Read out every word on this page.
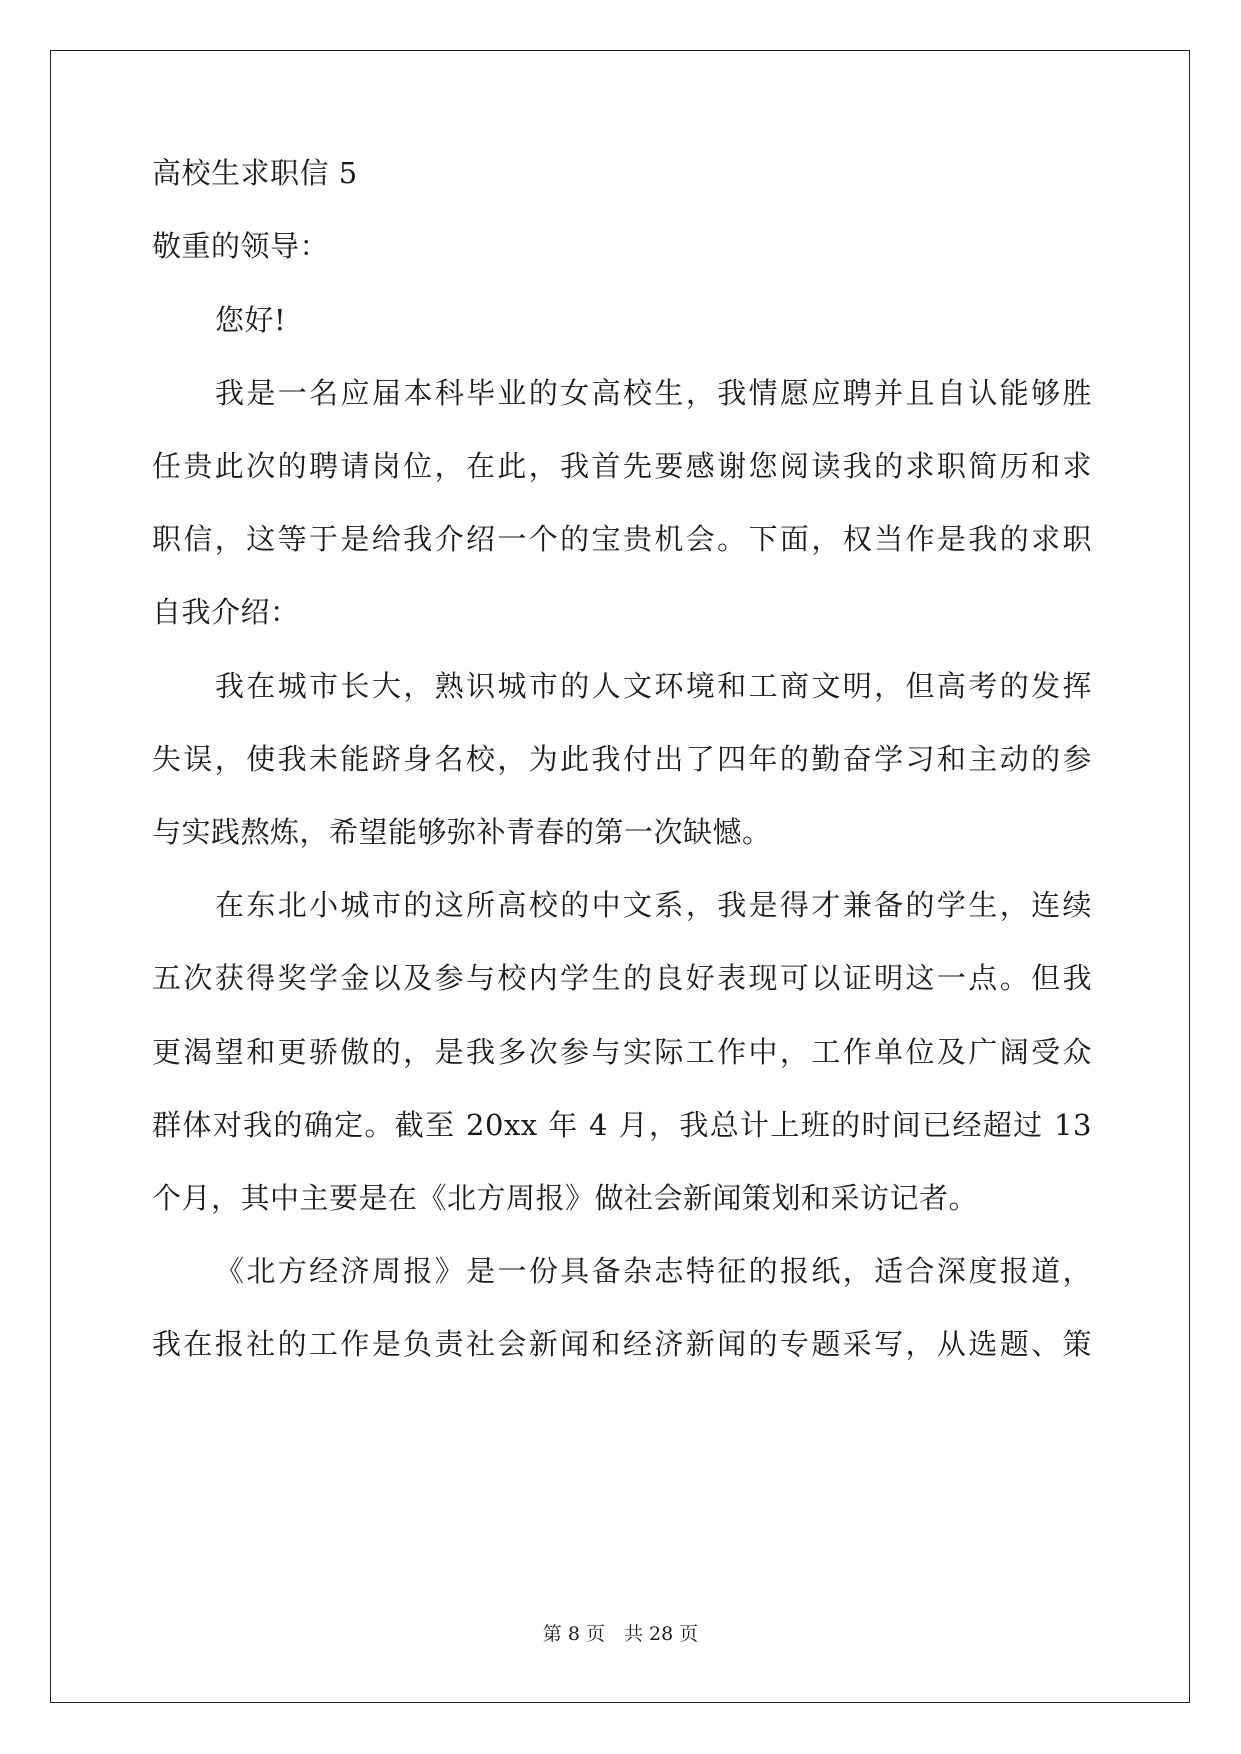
高校生求职信 5
敬重的领导：
您好!
我是一名应届本科毕业的女高校生，我情愿应聘并且自认能够胜
任贵此次的聘请岗位，在此，我首先要感谢您阅读我的求职简历和求
职信，这等于是给我介绍一个的宝贵机会。下面，权当作是我的求职
自我介绍：
我在城市长大，熟识城市的人文环境和工商文明，但高考的发挥
失误，使我未能跻身名校，为此我付出了四年的勤奋学习和主动的参
与实践熬炼，希望能够弥补青春的第一次缺憾。
在东北小城市的这所高校的中文系，我是得才兼备的学生，连续
五次获得奖学金以及参与校内学生的良好表现可以证明这一点。但我
更渴望和更骄傲的，是我多次参与实际工作中，工作单位及广阔受众
群体对我的确定。截至 20xx 年 4 月，我总计上班的时间已经超过 13
个月，其中主要是在《北方周报》做社会新闻策划和采访记者。
《北方经济周报》是一份具备杂志特征的报纸，适合深度报道，
我在报社的工作是负责社会新闻和经济新闻的专题采写，从选题、策
第 8 页　共 28 页
